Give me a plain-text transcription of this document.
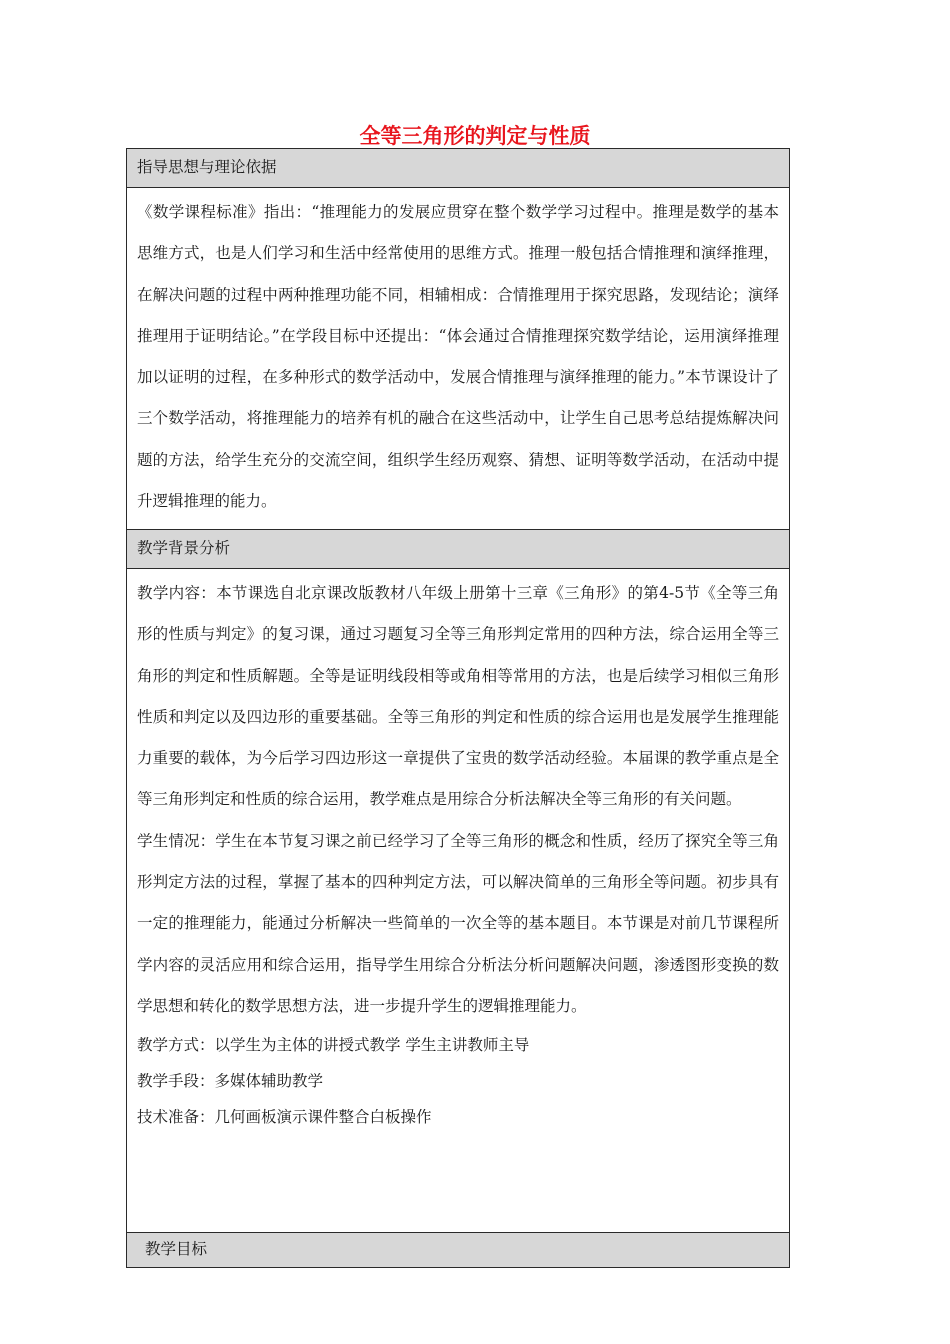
全等三角形的判定与性质
指导思想与理论依据

《数学课程标准》指出：“推理能力的发展应贯穿在整个数学学习过程中。推理是数学的基本思维方式，也是人们学习和生活中经常使用的思维方式。推理一般包括合情推理和演绎推理，在解决问题的过程中两种推理功能不同，相辅相成：合情推理用于探究思路，发现结论；演绎推理用于证明结论。”在学段目标中还提出：“体会通过合情推理探究数学结论，运用演绎推理加以证明的过程，在多种形式的数学活动中，发展合情推理与演绎推理的能力。”本节课设计了三个数学活动，将推理能力的培养有机的融合在这些活动中，让学生自己思考总结提炼解决问题的方法，给学生充分的交流空间，组织学生经历观察、猜想、证明等数学活动，在活动中提升逻辑推理的能力。

教学背景分析

教学内容：本节课选自北京课改版教材八年级上册第十三章《三角形》的第4-5节《全等三角形的性质与判定》的复习课，通过习题复习全等三角形判定常用的四种方法，综合运用全等三角形的判定和性质解题。全等是证明线段相等或角相等常用的方法，也是后续学习相似三角形性质和判定以及四边形的重要基础。全等三角形的判定和性质的综合运用也是发展学生推理能力重要的载体，为今后学习四边形这一章提供了宝贵的数学活动经验。本届课的教学重点是全等三角形判定和性质的综合运用，教学难点是用综合分析法解决全等三角形的有关问题。

学生情况：学生在本节复习课之前已经学习了全等三角形的概念和性质，经历了探究全等三角形判定方法的过程，掌握了基本的四种判定方法，可以解决简单的三角形全等问题。初步具有一定的推理能力，能通过分析解决一些简单的一次全等的基本题目。本节课是对前几节课程所学内容的灵活应用和综合运用，指导学生用综合分析法分析问题解决问题，渗透图形变换的数学思想和转化的数学思想方法，进一步提升学生的逻辑推理能力。

教学方式：以学生为主体的讲授式教学 学生主讲教师主导

教学手段：多媒体辅助教学

技术准备：几何画板演示课件整合白板操作

教学目标
